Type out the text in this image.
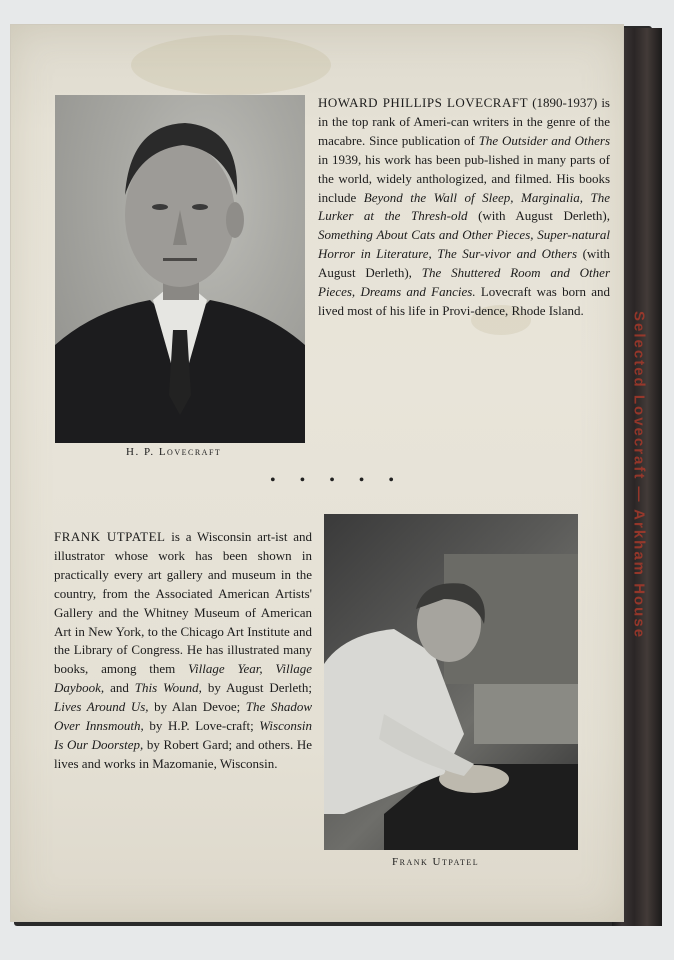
Selected Lovecraft — Arkham House
H. P. Lovecraft
HOWARD PHILLIPS LOVECRAFT (1890-1937) is in the top rank of Ameri-can writers in the genre of the macabre. Since publication of The Outsider and Others in 1939, his work has been pub-lished in many parts of the world, widely anthologized, and filmed. His books include Beyond the Wall of Sleep, Marginalia, The Lurker at the Thresh-old (with August Derleth), Something About Cats and Other Pieces, Super-natural Horror in Literature, The Sur-vivor and Others (with August Derleth), The Shuttered Room and Other Pieces, Dreams and Fancies. Lovecraft was born and lived most of his life in Provi-dence, Rhode Island.
• • • • •
FRANK UTPATEL is a Wisconsin art-ist and illustrator whose work has been shown in practically every art gallery and museum in the country, from the Associated American Artists' Gallery and the Whitney Museum of American Art in New York, to the Chicago Art Institute and the Library of Congress. He has illustrated many books, among them Village Year, Village Daybook, and This Wound, by August Derleth; Lives Around Us, by Alan Devoe; The Shadow Over Innsmouth, by H.P. Love-craft; Wisconsin Is Our Doorstep, by Robert Gard; and others. He lives and works in Mazomanie, Wisconsin.
Frank Utpatel
